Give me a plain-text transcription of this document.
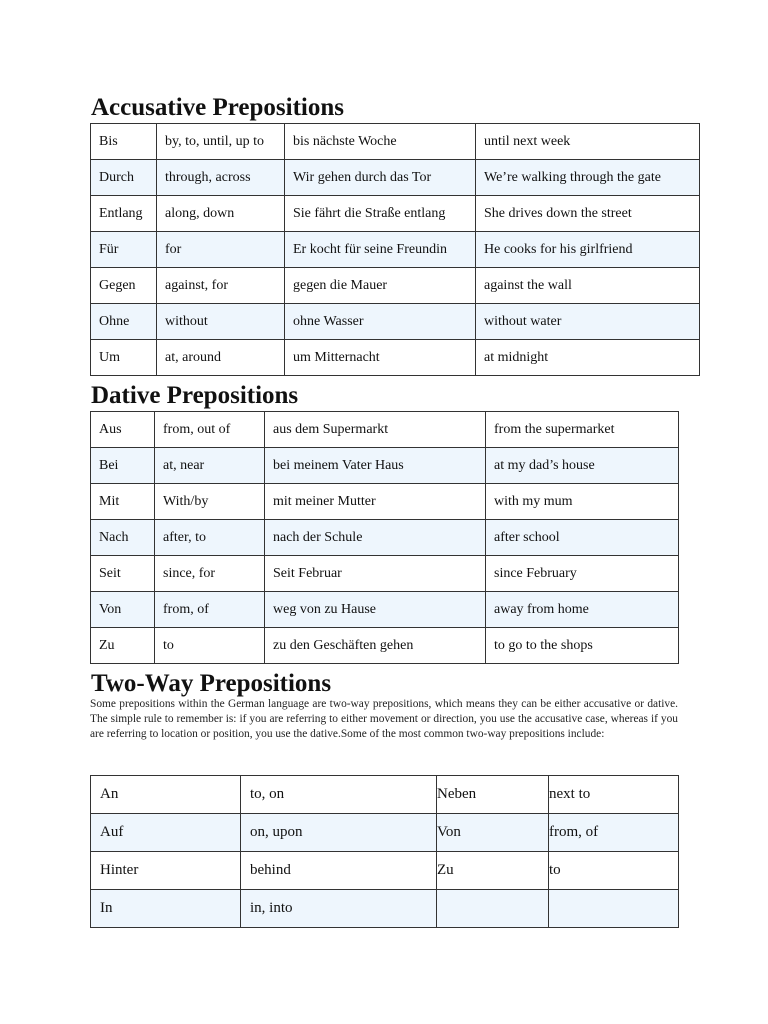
Accusative Prepositions
Bis	by, to, until, up to	bis nächste Woche	until next week
Durch	through, across	Wir gehen durch das Tor	We’re walking through the gate
Entlang	along, down	Sie fährt die Straße entlang	She drives down the street
Für	for	Er kocht für seine Freundin	He cooks for his girlfriend
Gegen	against, for	gegen die Mauer	against the wall
Ohne	without	ohne Wasser	without water
Um	at, around	um Mitternacht	at midnight
Dative Prepositions
Aus	from, out of	aus dem Supermarkt	from the supermarket
Bei	at, near	bei meinem Vater Haus	at my dad’s house
Mit	With/by	mit meiner Mutter	with my mum
Nach	after, to	nach der Schule	after school
Seit	since, for	Seit Februar	since February
Von	from, of	weg von zu Hause	away from home
Zu	to	zu den Geschäften gehen	to go to the shops
Two-Way Prepositions

Some prepositions within the German language are two-way prepositions, which means they can be either accusative or dative. The simple rule to remember is: if you are referring to either movement or direction, you use the accusative case, whereas if you are referring to location or position, you use the dative.Some of the most common two-way prepositions include:

An	to, on	Neben	next to
Auf	on, upon	Von	from, of
Hinter	behind	Zu	to
In	in, into		
